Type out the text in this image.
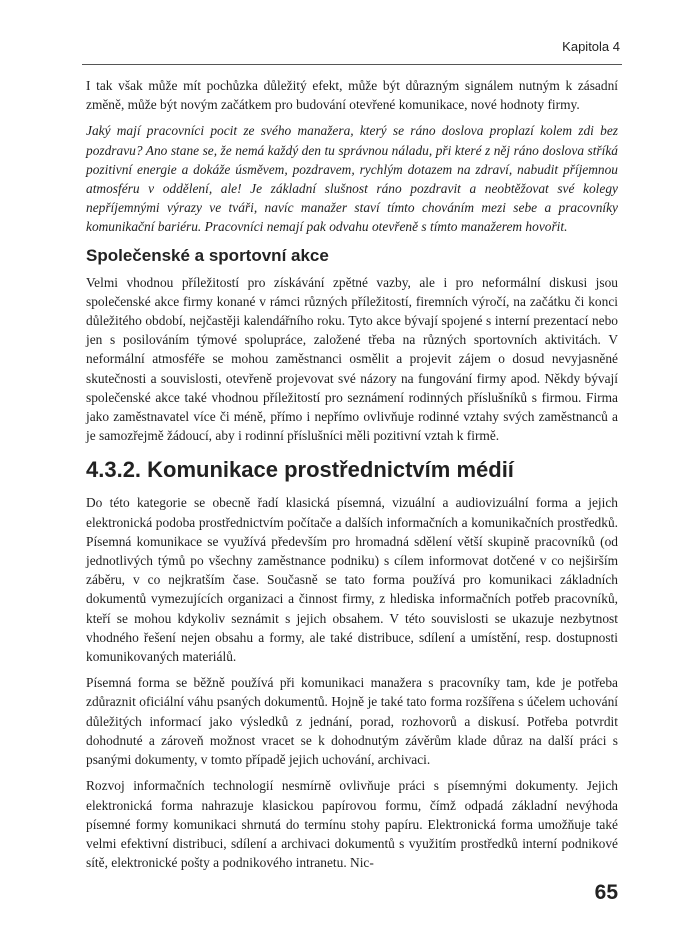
Kapitola 4

I tak však může mít pochůzka důležitý efekt, může být důrazným signálem nutným k zásadní změně, může být novým začátkem pro budování otevřené komunikace, nové hodnoty firmy.

Jaký mají pracovníci pocit ze svého manažera, který se ráno doslova proplazí kolem zdi bez pozdravu? Ano stane se, že nemá každý den tu správnou náladu, při které z něj ráno doslova stříká pozitivní energie a dokáže úsměvem, pozdravem, rychlým dotazem na zdraví, nabudit příjemnou atmosféru v oddělení, ale! Je základní slušnost ráno pozdravit a neobtěžovat své kolegy nepříjemnými výrazy ve tváři, navíc manažer staví tímto chováním mezi sebe a pracovníky komunikační bariéru. Pracovníci nemají pak odvahu otevřeně s tímto manažerem hovořit.

Společenské a sportovní akce

Velmi vhodnou příležitostí pro získávání zpětné vazby, ale i pro neformální diskusi jsou společenské akce firmy konané v rámci různých příležitostí, firemních výročí, na začátku či konci důležitého období, nejčastěji kalendářního roku. Tyto akce bývají spojené s interní prezentací nebo jen s posilováním týmové spolupráce, založené třeba na různých sportovních aktivitách. V neformální atmosféře se mohou zaměstnanci osmělit a projevit zájem o dosud nevyjasněné skutečnosti a souvislosti, otevřeně projevovat své názory na fungování firmy apod. Někdy bývají společenské akce také vhodnou příležitostí pro seznámení rodinných příslušníků s firmou. Firma jako zaměstnavatel více či méně, přímo i nepřímo ovlivňuje rodinné vztahy svých zaměstnanců a je samozřejmě žádoucí, aby i rodinní příslušníci měli pozitivní vztah k firmě.

4.3.2. Komunikace prostřednictvím médií

Do této kategorie se obecně řadí klasická písemná, vizuální a audiovizuální forma a jejich elektronická podoba prostřednictvím počítače a dalších informačních a komunikačních prostředků. Písemná komunikace se využívá především pro hromadná sdělení větší skupině pracovníků (od jednotlivých týmů po všechny zaměstnance podniku) s cílem informovat dotčené v co nejširším záběru, v co nejkratším čase. Současně se tato forma používá pro komunikaci základních dokumentů vymezujících organizaci a činnost firmy, z hlediska informačních potřeb pracovníků, kteří se mohou kdykoliv seznámit s jejich obsahem. V této souvislosti se ukazuje nezbytnost vhodného řešení nejen obsahu a formy, ale také distribuce, sdílení a umístění, resp. dostupnosti komunikovaných materiálů.

Písemná forma se běžně používá při komunikaci manažera s pracovníky tam, kde je potřeba zdůraznit oficiální váhu psaných dokumentů. Hojně je také tato forma rozšířena s účelem uchování důležitých informací jako výsledků z jednání, porad, rozhovorů a diskusí. Potřeba potvrdit dohodnuté a zároveň možnost vracet se k dohodnutým závěrům klade důraz na další práci s psanými dokumenty, v tomto případě jejich uchování, archivaci.

Rozvoj informačních technologií nesmírně ovlivňuje práci s písemnými dokumenty. Jejich elektronická forma nahrazuje klasickou papírovou formu, čímž odpadá základní nevýhoda písemné formy komunikaci shrnutá do termínu stohy papíru. Elektronická forma umožňuje také velmi efektivní distribuci, sdílení a archivaci dokumentů s využitím prostředků interní podnikové sítě, elektronické pošty a podnikového intranetu. Nic-

65
